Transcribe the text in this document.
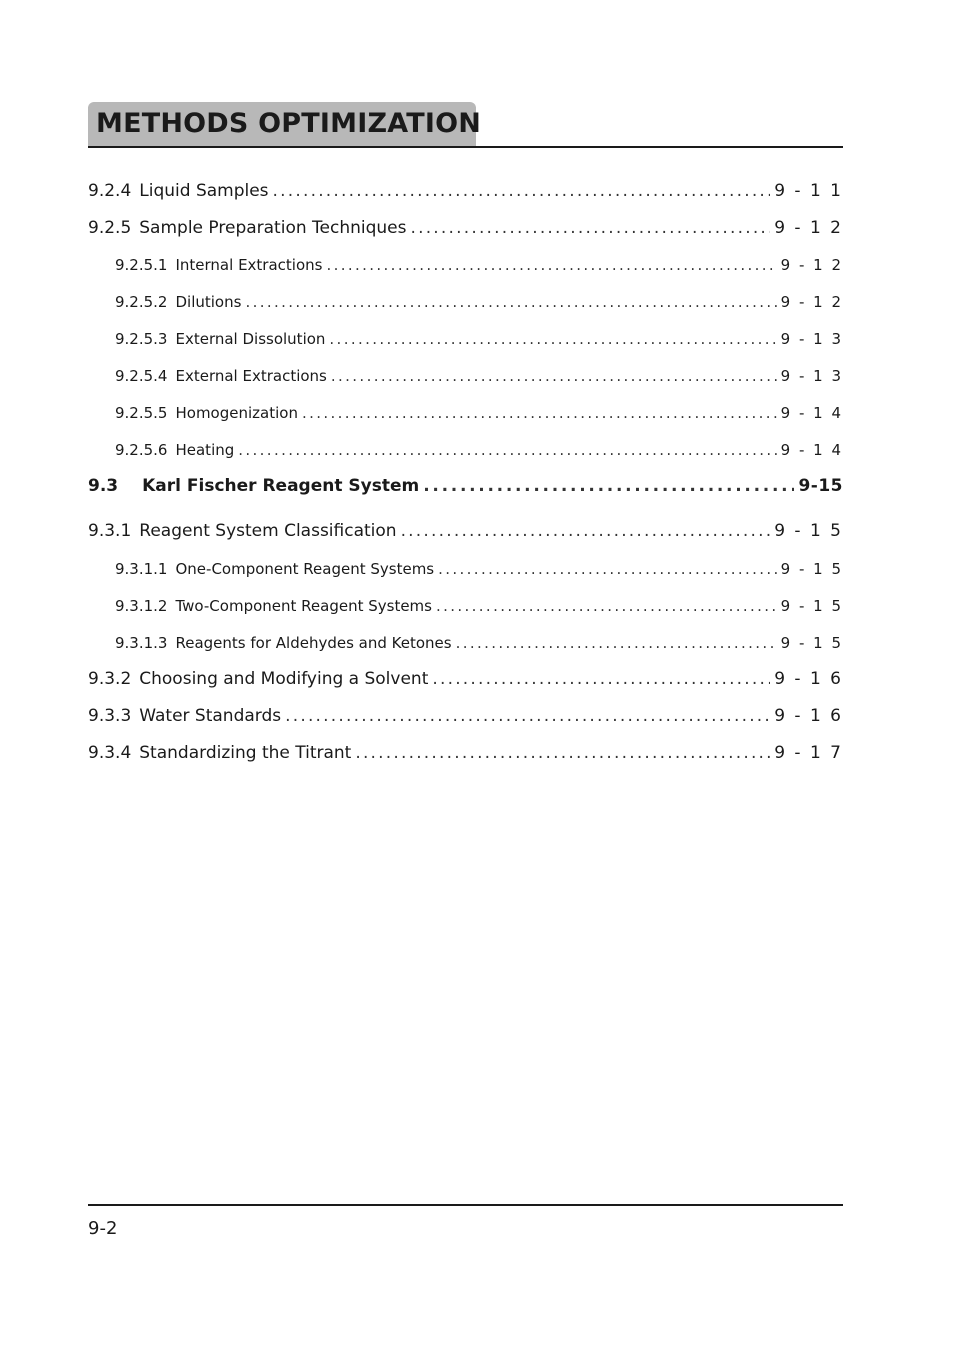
METHODS OPTIMIZATION
9.2.4 Liquid Samples . . .	9 - 1 1
9.2.5 Sample Preparation Techniques . . .	9 - 1 2
9.2.5.1 Internal Extractions . . .	9 - 1 2
9.2.5.2 Dilutions . . .	9 - 1 2
9.2.5.3 External Dissolution . . .	9 - 1 3
9.2.5.4 External Extractions . . .	9 - 1 3
9.2.5.5 Homogenization . . .	9 - 1 4
9.2.5.6 Heating . . .	9 - 1 4
9.3	Karl Fischer Reagent System . . .	9-15
9.3.1 Reagent System Classification . . .	9 - 1 5
9.3.1.1 One-Component Reagent Systems . . .	9 - 1 5
9.3.1.2 Two-Component Reagent Systems . . .	9 - 1 5
9.3.1.3 Reagents for Aldehydes and Ketones . . .	9 - 1 5
9.3.2 Choosing and Modifying a Solvent . . .	9 - 1 6
9.3.3 Water Standards . . .	9 - 1 6
9.3.4 Standardizing the Titrant . . .	9 - 1 7
9-2
